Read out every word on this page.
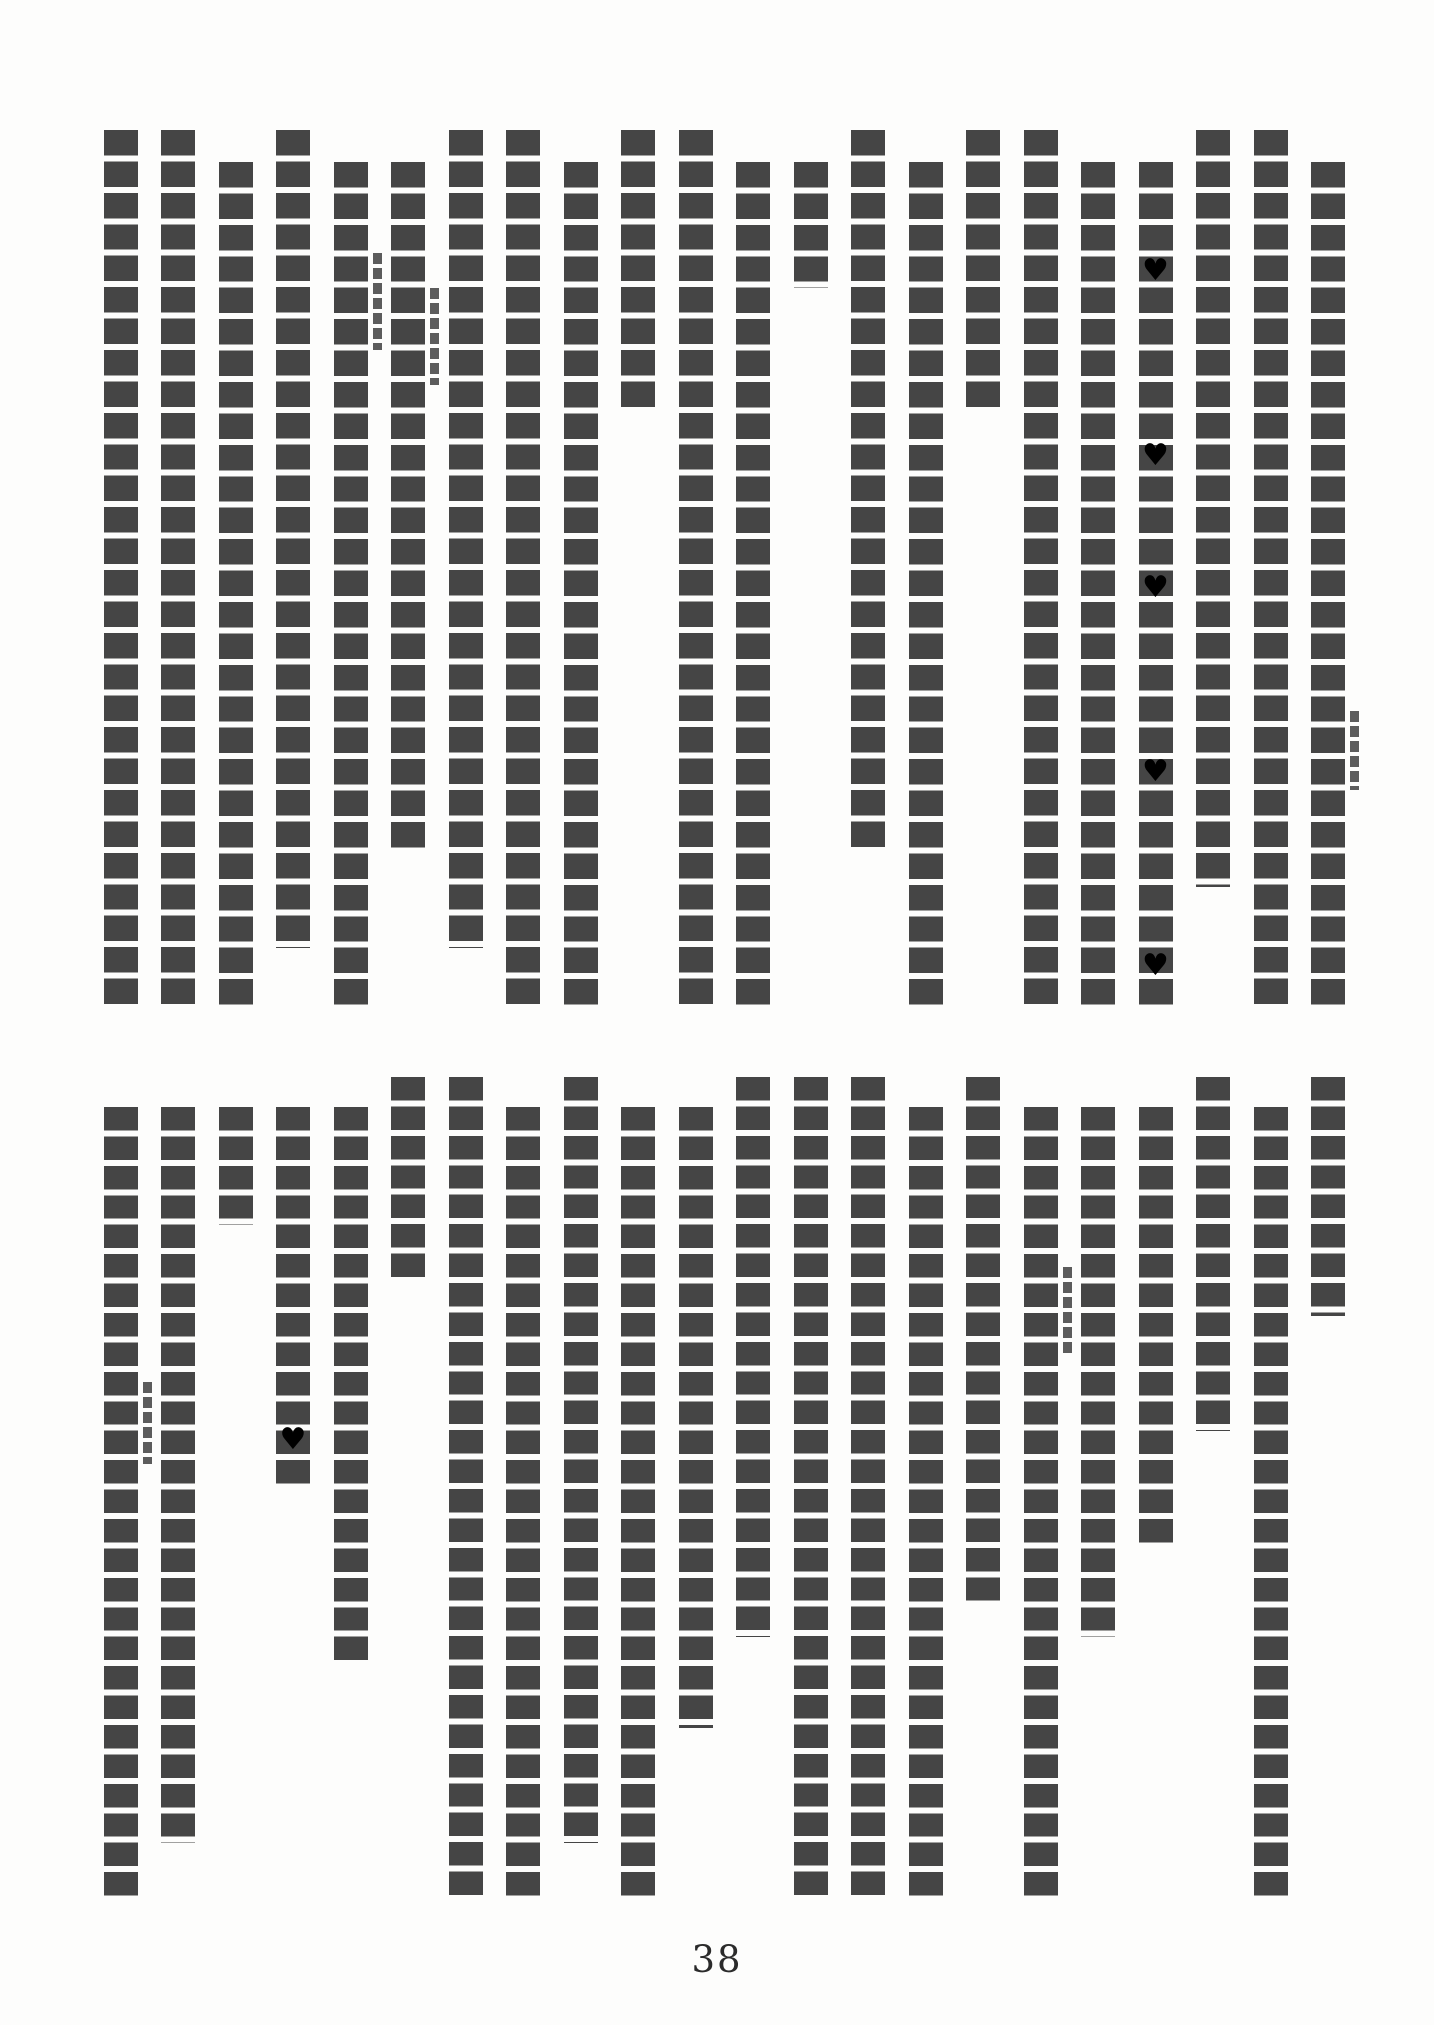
♥
♥
♥
♥
♥
♥
38
